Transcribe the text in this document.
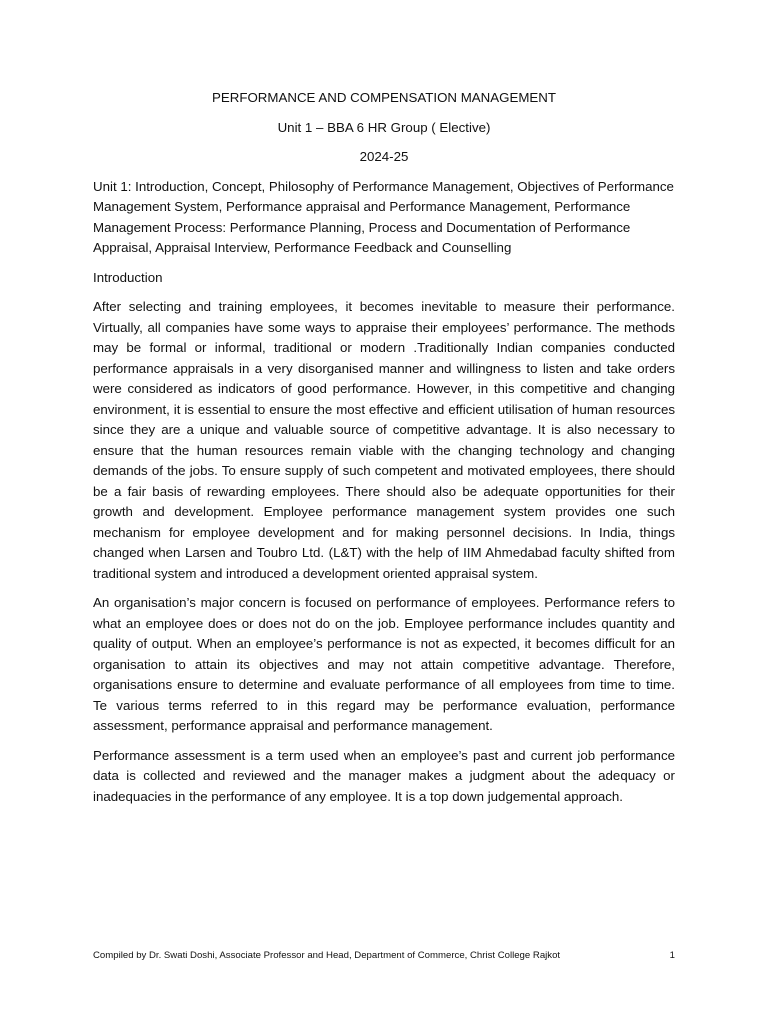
PERFORMANCE AND COMPENSATION MANAGEMENT
Unit 1 – BBA 6 HR Group ( Elective)
2024-25
Unit 1: Introduction, Concept, Philosophy of Performance Management, Objectives of Performance Management System, Performance appraisal and Performance Management, Performance Management Process: Performance Planning, Process and Documentation of Performance Appraisal, Appraisal Interview, Performance Feedback and Counselling
Introduction
After selecting and training employees, it becomes inevitable to measure their performance. Virtually, all companies have some ways to appraise their employees’ performance. The methods may be formal or informal, traditional or modern .Traditionally Indian companies conducted performance appraisals in a very disorganised manner and willingness to listen and take orders were considered as indicators of good performance. However, in this competitive and changing environment, it is essential to ensure the most effective and efficient utilisation of human resources since they are a unique and valuable source of competitive advantage. It is also necessary to ensure that the human resources remain viable with the changing technology and changing demands of the jobs. To ensure supply of such competent and motivated employees, there should be a fair basis of rewarding employees. There should also be adequate opportunities for their growth and development. Employee performance management system provides one such mechanism for employee development and for making personnel decisions. In India, things changed when Larsen and Toubro Ltd. (L&T) with the help of IIM Ahmedabad faculty shifted from traditional system and introduced a development oriented appraisal system.
An organisation’s major concern is focused on performance of employees. Performance refers to what an employee does or does not do on the job. Employee performance includes quantity and quality of output. When an employee’s performance is not as expected, it becomes difficult for an organisation to attain its objectives and may not attain competitive advantage. Therefore, organisations ensure to determine and evaluate performance of all employees from time to time. Te various terms referred to in this regard may be performance evaluation, performance assessment, performance appraisal and performance management.
Performance assessment is a term used when an employee’s past and current job performance data is collected and reviewed and the manager makes a judgment about the adequacy or inadequacies in the performance of any employee. It is a top down judgemental approach.
Compiled by Dr. Swati Doshi, Associate Professor and Head, Department of Commerce, Christ College Rajkot	1
